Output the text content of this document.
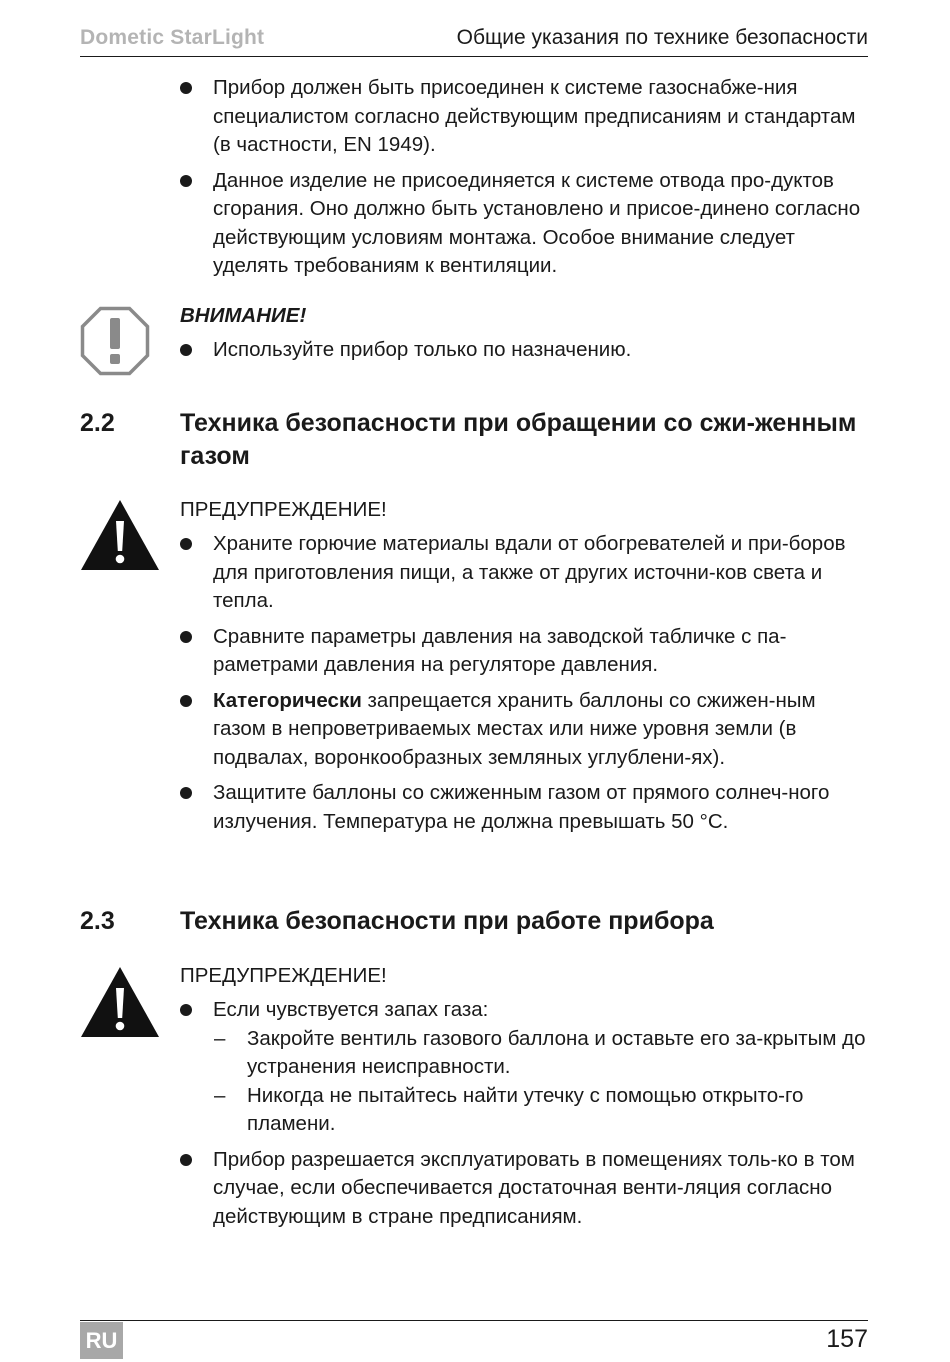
Dometic StarLight	Общие указания по технике безопасности
Прибор должен быть присоединен к системе газоснабже-ния специалистом согласно действующим предписаниям и стандартам (в частности, EN 1949).
Данное изделие не присоединяется к системе отвода про-дуктов сгорания. Оно должно быть установлено и присое-динено согласно действующим условиям монтажа. Особое внимание следует уделять требованиям к вентиляции.
ВНИМАНИЕ!
Используйте прибор только по назначению.
2.2	Техника безопасности при обращении со сжи-женным газом
ПРЕДУПРЕЖДЕНИЕ!
Храните горючие материалы вдали от обогревателей и при-боров для приготовления пищи, а также от других источни-ков света и тепла.
Сравните параметры давления на заводской табличке с па-раметрами давления на регуляторе давления.
Категорически запрещается хранить баллоны со сжижен-ным газом в непроветриваемых местах или ниже уровня земли (в подвалах, воронкообразных земляных углублени-ях).
Защитите баллоны со сжиженным газом от прямого солнеч-ного излучения. Температура не должна превышать 50 °C.
2.3	Техника безопасности при работе прибора
ПРЕДУПРЕЖДЕНИЕ!
Если чувствуется запах газа:
– Закройте вентиль газового баллона и оставьте его за-крытым до устранения неисправности.
– Никогда не пытайтесь найти утечку с помощью открыто-го пламени.
Прибор разрешается эксплуатировать в помещениях толь-ко в том случае, если обеспечивается достаточная венти-ляция согласно действующим в стране предписаниям.
RU	157
